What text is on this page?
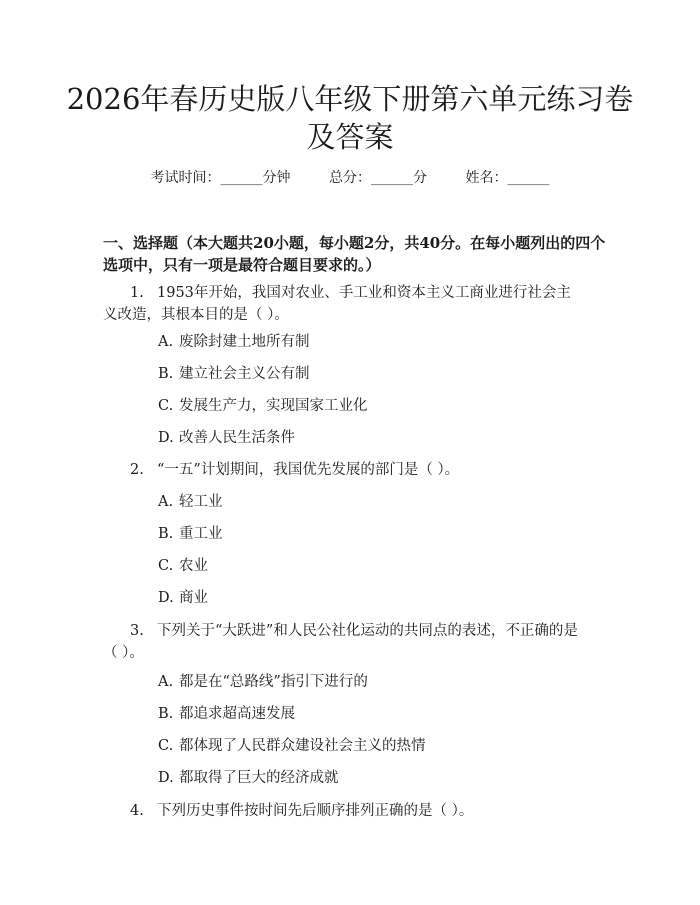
2026年春历史版八年级下册第六单元练习卷
及答案
考试时间：______分钟	总分：______分	姓名：______
一、选择题（本大题共20小题，每小题2分，共40分。在每小题列出的四个选项中，只有一项是最符合题目要求的。）
1. 1953年开始，我国对农业、手工业和资本主义工商业进行社会主义改造，其根本目的是（ ）。
A. 废除封建土地所有制
B. 建立社会主义公有制
C. 发展生产力，实现国家工业化
D. 改善人民生活条件
2. “一五”计划期间，我国优先发展的部门是（ ）。
A. 轻工业
B. 重工业
C. 农业
D. 商业
3. 下列关于“大跃进”和人民公社化运动的共同点的表述，不正确的是（ ）。
A. 都是在“总路线”指引下进行的
B. 都追求超高速发展
C. 都体现了人民群众建设社会主义的热情
D. 都取得了巨大的经济成就
4. 下列历史事件按时间先后顺序排列正确的是（ ）。
